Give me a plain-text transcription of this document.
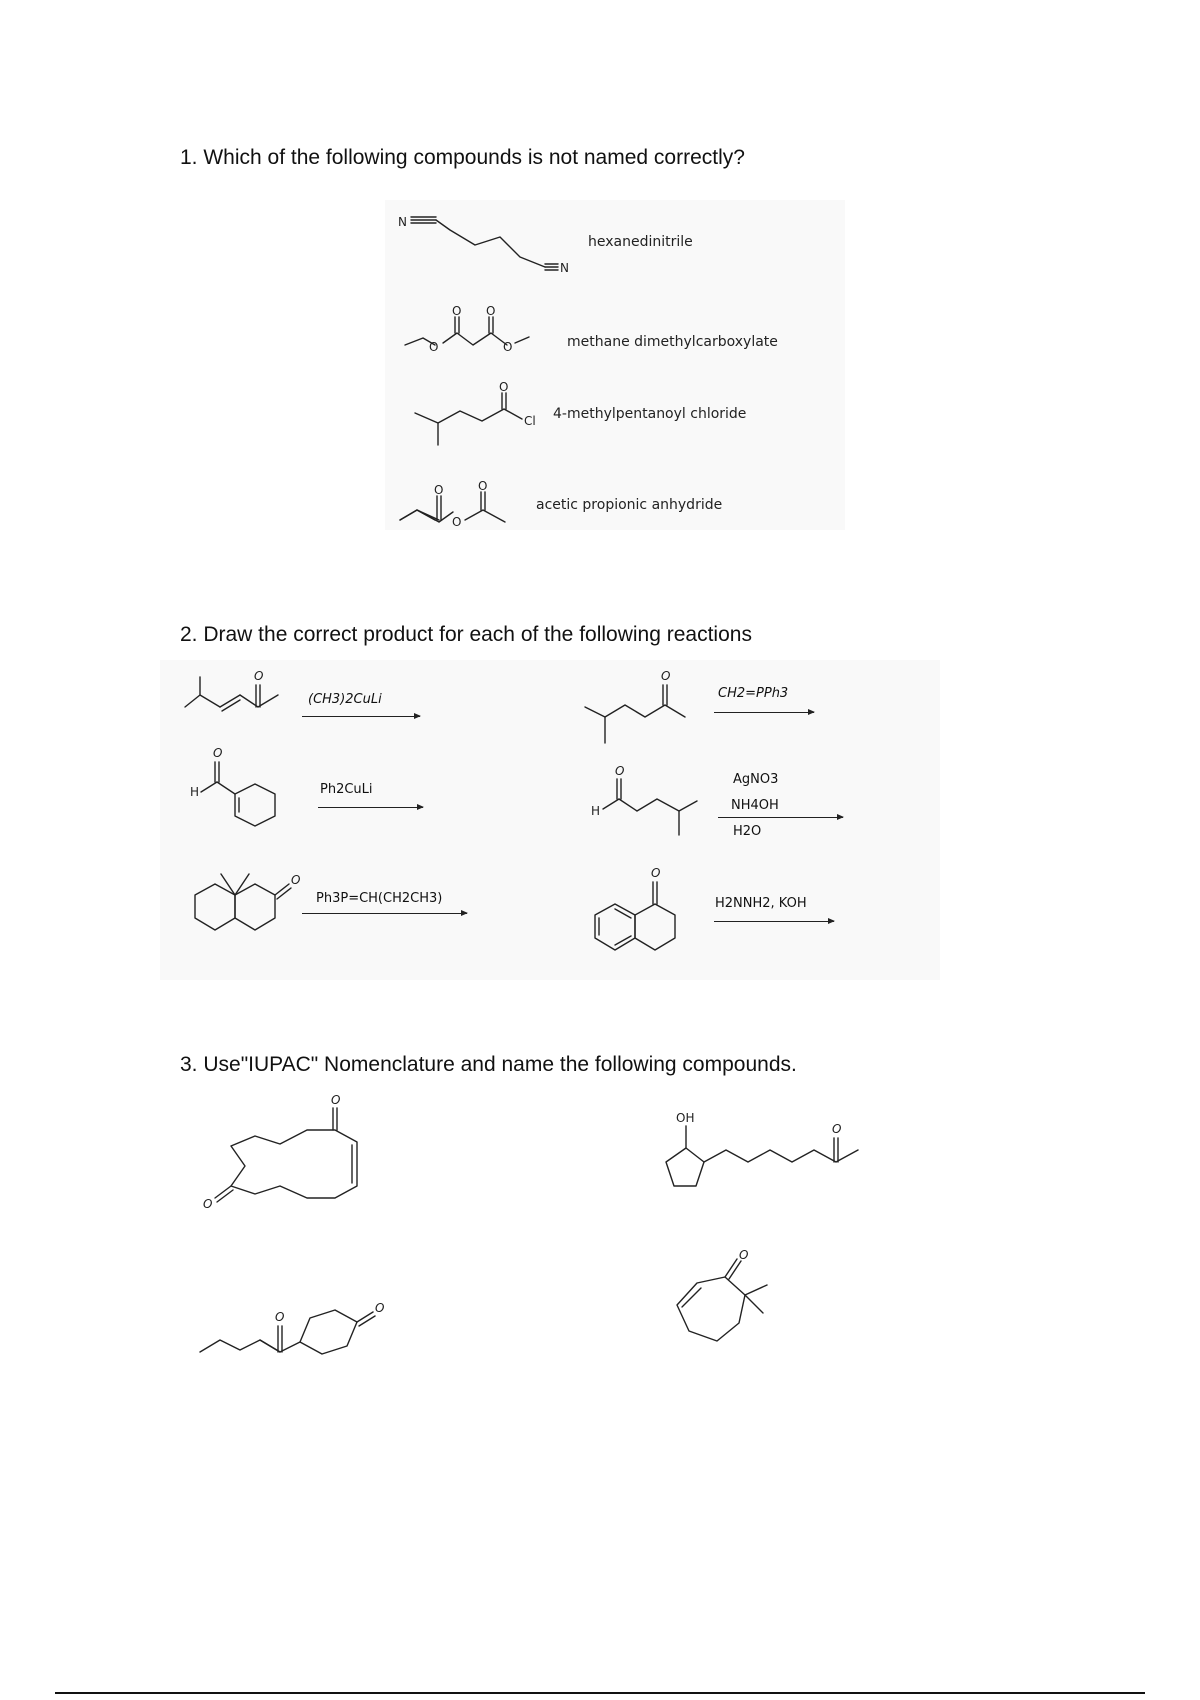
1. Which of the following compounds is not named correctly?
N
N
hexanedinitrile
O	O
O O
methane dimethylcarboxylate
Cl
O
4-methylpentanoyl chloride
O
O	O
acetic propionic anhydride
2. Draw the correct product for each of the following reactions
O
(CH3)2CuLi
H
O
Ph2CuLi
O
Ph3P=CH(CH2CH3)
O
CH2=PPh3
H
O
AgNO3
NH4OH
H2O
O
H2NNH2, KOH
3. Use"IUPAC" Nomenclature and name the following compounds.
O
O
OH
O
O
O
O
